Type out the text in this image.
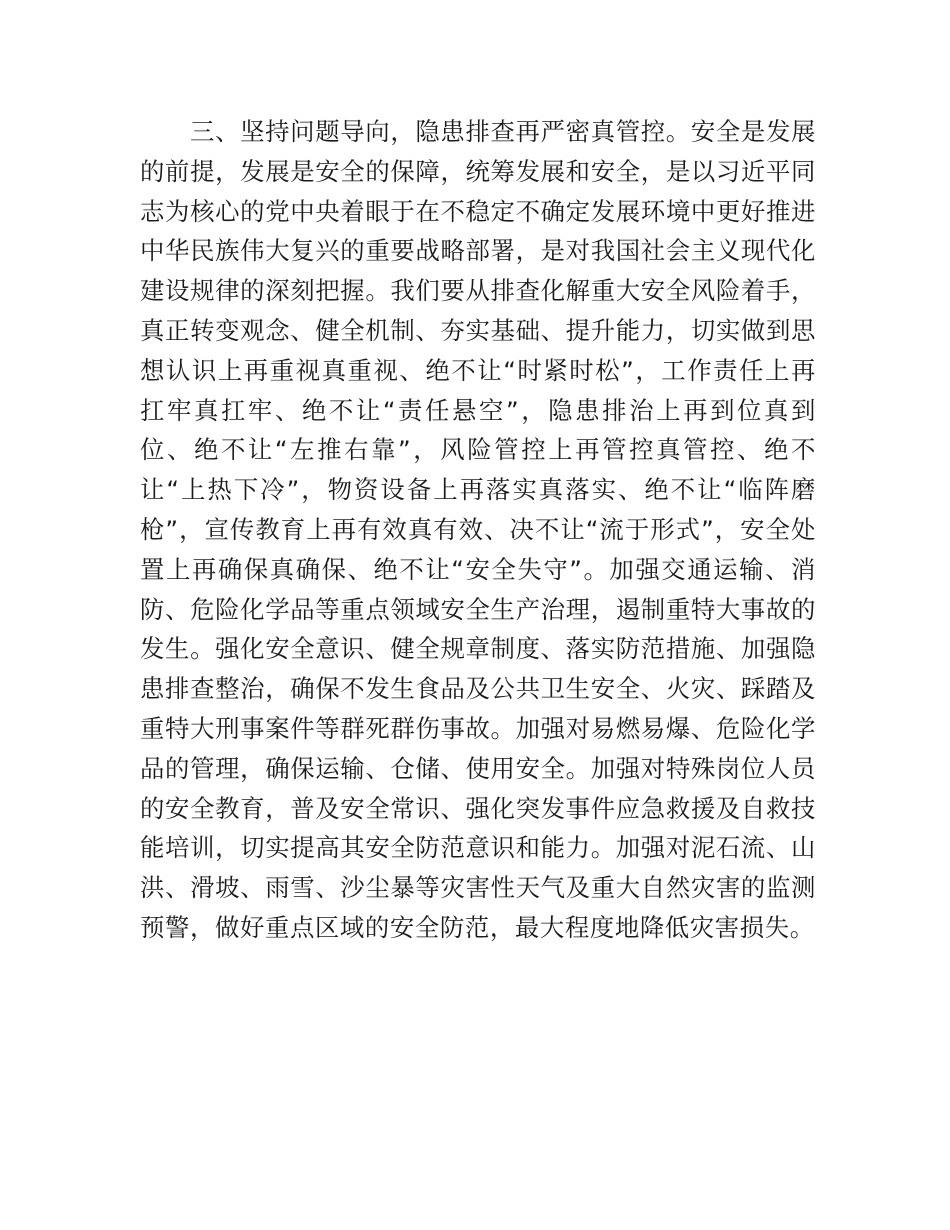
三、坚持问题导向，隐患排查再严密真管控。安全是发展
的前提，发展是安全的保障，统筹发展和安全，是以习近平同
志为核心的党中央着眼于在不稳定不确定发展环境中更好推进
中华民族伟大复兴的重要战略部署，是对我国社会主义现代化
建设规律的深刻把握。我们要从排查化解重大安全风险着手，
真正转变观念、健全机制、夯实基础、提升能力，切实做到思
想认识上再重视真重视、绝不让“时紧时松”，工作责任上再
扛牢真扛牢、绝不让“责任悬空”，隐患排治上再到位真到
位、绝不让“左推右靠”，风险管控上再管控真管控、绝不
让“上热下冷”，物资设备上再落实真落实、绝不让“临阵磨
枪”，宣传教育上再有效真有效、决不让“流于形式”，安全处
置上再确保真确保、绝不让“安全失守”。加强交通运输、消
防、危险化学品等重点领域安全生产治理，遏制重特大事故的
发生。强化安全意识、健全规章制度、落实防范措施、加强隐
患排查整治，确保不发生食品及公共卫生安全、火灾、踩踏及
重特大刑事案件等群死群伤事故。加强对易燃易爆、危险化学
品的管理，确保运输、仓储、使用安全。加强对特殊岗位人员
的安全教育，普及安全常识、强化突发事件应急救援及自救技
能培训，切实提高其安全防范意识和能力。加强对泥石流、山
洪、滑坡、雨雪、沙尘暴等灾害性天气及重大自然灾害的监测
预警，做好重点区域的安全防范，最大程度地降低灾害损失。
